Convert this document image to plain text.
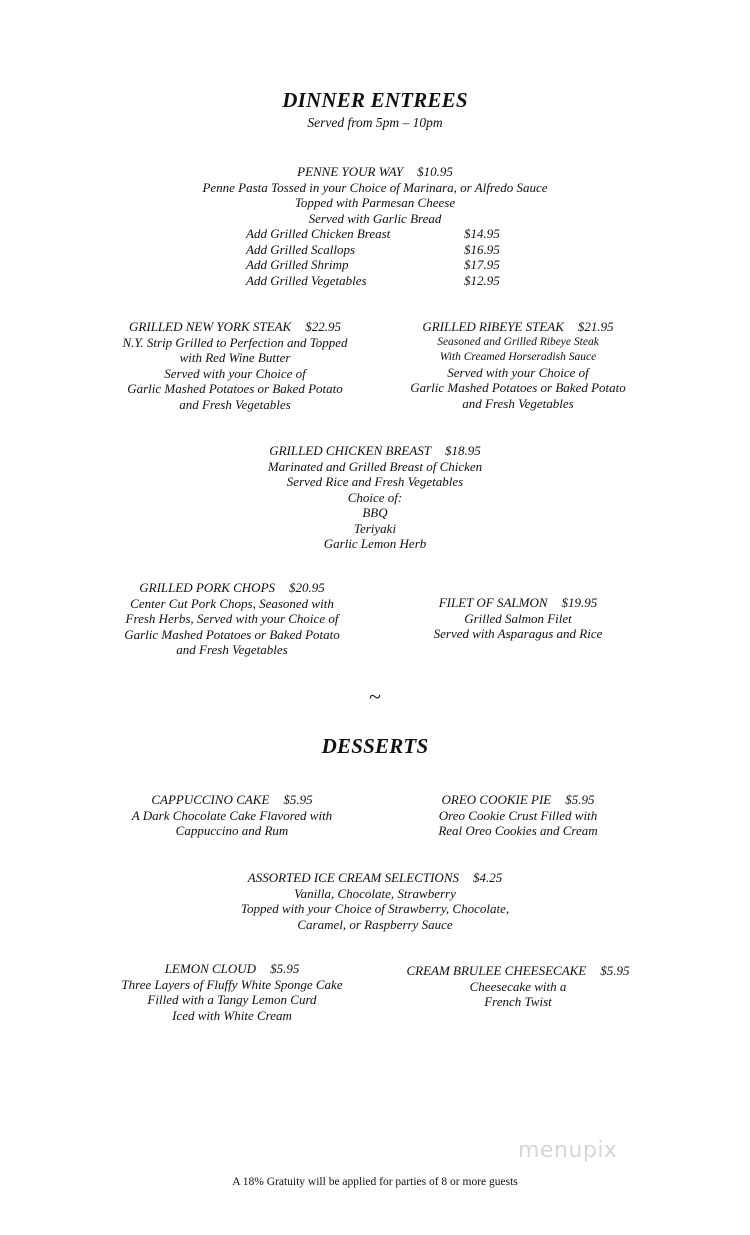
DINNER ENTREES
Served from 5pm – 10pm
PENNE YOUR WAY $10.95
Penne Pasta Tossed in your Choice of Marinara, or Alfredo Sauce
Topped with Parmesan Cheese
Served with Garlic Bread
Add Grilled Chicken Breast	$14.95
Add Grilled Scallops	$16.95
Add Grilled Shrimp	$17.95
Add Grilled Vegetables	$12.95
GRILLED NEW YORK STEAK $22.95
N.Y. Strip Grilled to Perfection and Topped
with Red Wine Butter
Served with your Choice of
Garlic Mashed Potatoes or Baked Potato
and Fresh Vegetables
GRILLED RIBEYE STEAK $21.95
Seasoned and Grilled Ribeye Steak
With Creamed Horseradish Sauce
Served with your Choice of
Garlic Mashed Potatoes or Baked Potato
and Fresh Vegetables
GRILLED CHICKEN BREAST $18.95
Marinated and Grilled Breast of Chicken
Served Rice and Fresh Vegetables
Choice of:
BBQ
Teriyaki
Garlic Lemon Herb
GRILLED PORK CHOPS $20.95
Center Cut Pork Chops, Seasoned with
Fresh Herbs, Served with your Choice of
Garlic Mashed Potatoes or Baked Potato
and Fresh Vegetables
FILET OF SALMON $19.95
Grilled Salmon Filet
Served with Asparagus and Rice
~
DESSERTS
CAPPUCCINO CAKE $5.95
A Dark Chocolate Cake Flavored with
Cappuccino and Rum
OREO COOKIE PIE $5.95
Oreo Cookie Crust Filled with
Real Oreo Cookies and Cream
ASSORTED ICE CREAM SELECTIONS $4.25
Vanilla, Chocolate, Strawberry
Topped with your Choice of Strawberry, Chocolate,
Caramel, or Raspberry Sauce
LEMON CLOUD $5.95
Three Layers of Fluffy White Sponge Cake
Filled with a Tangy Lemon Curd
Iced with White Cream
CREAM BRULEE CHEESECAKE $5.95
Cheesecake with a
French Twist
menupix
A 18% Gratuity will be applied for parties of 8 or more guests
